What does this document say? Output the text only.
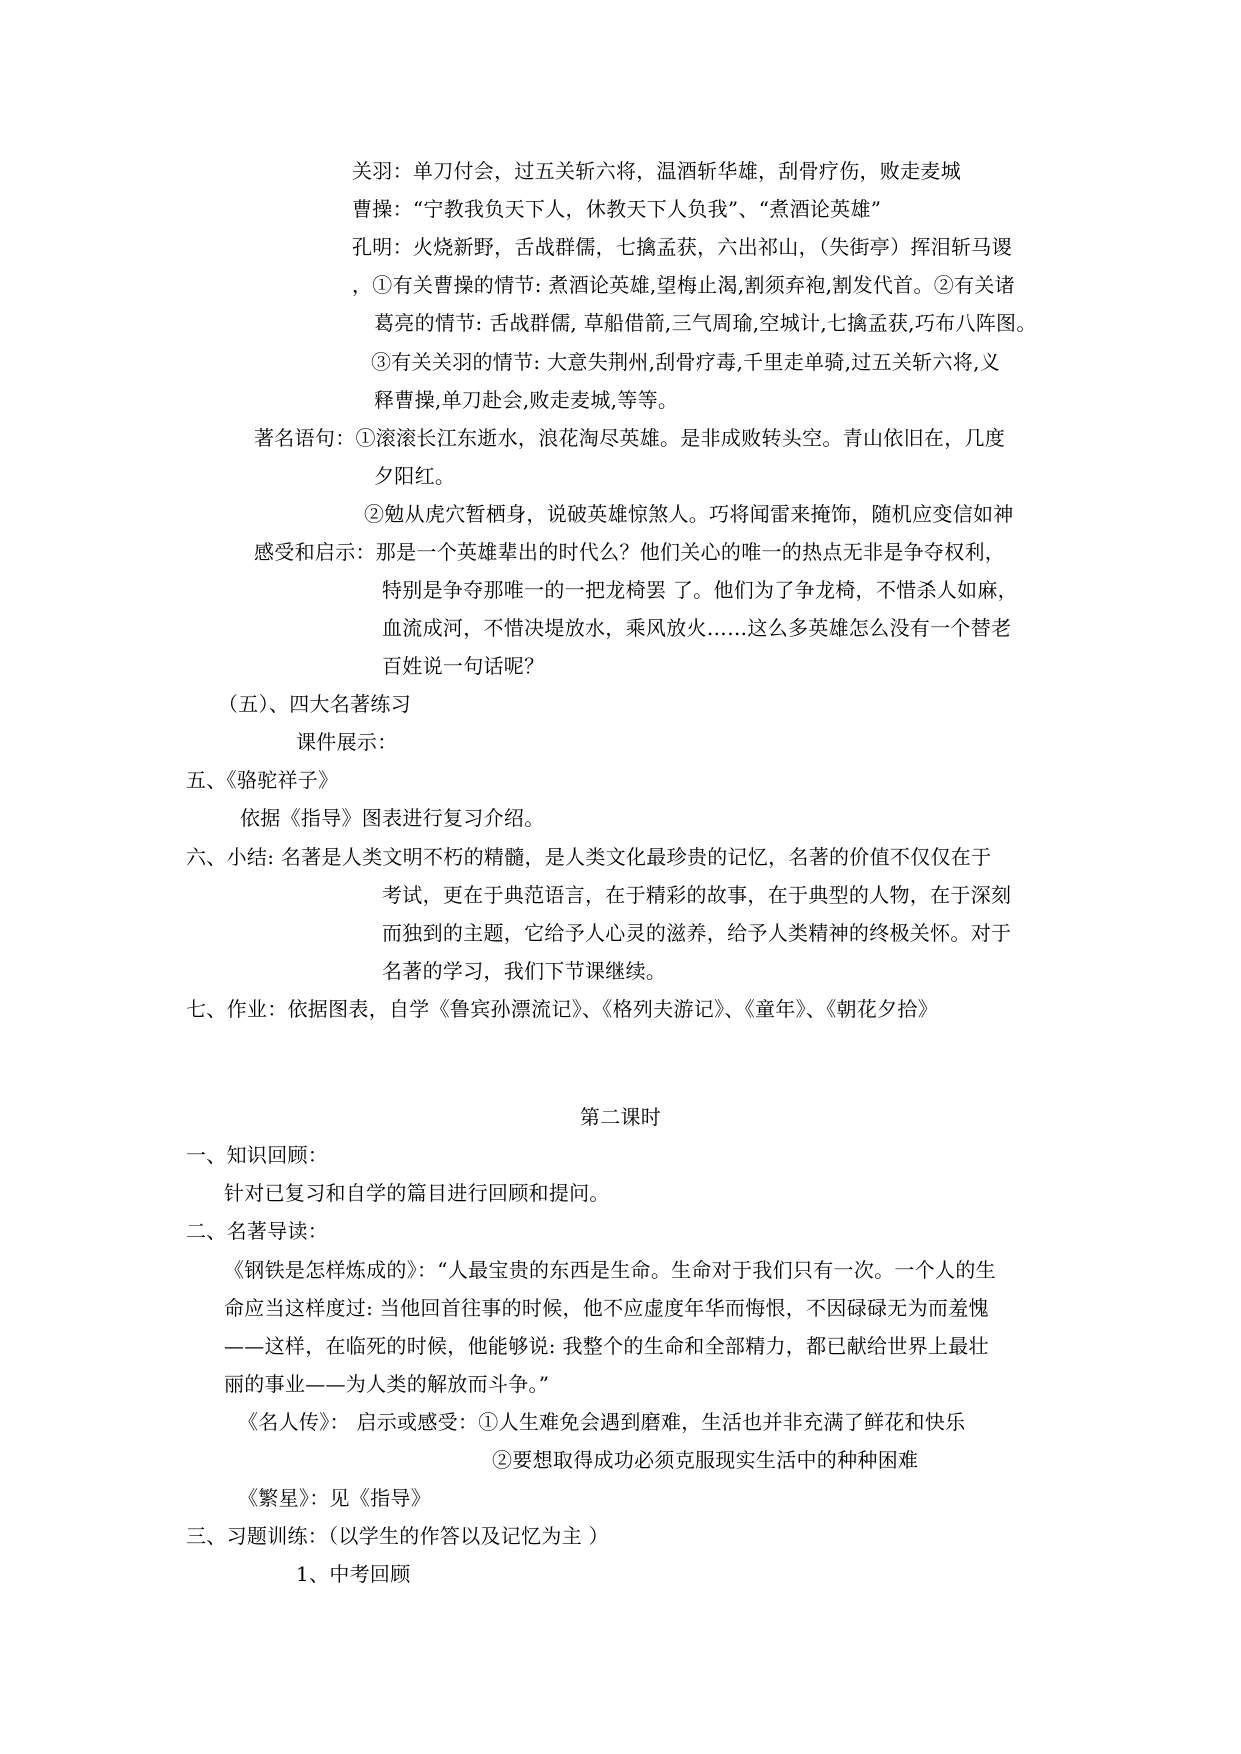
关羽：单刀付会，过五关斩六将，温酒斩华雄，刮骨疗伤，败走麦城
曹操：“宁教我负天下人，休教天下人负我”、“煮酒论英雄”
孔明：火烧新野，舌战群儒，七擒孟获，六出祁山，（失街亭）挥泪斩马谡
，①有关曹操的情节: 煮酒论英雄,望梅止渴,割须弃袍,割发代首。②有关诸
葛亮的情节: 舌战群儒, 草船借箭,三气周瑜,空城计,七擒孟获,巧布八阵图。
③有关关羽的情节: 大意失荆州,刮骨疗毒,千里走单骑,过五关斩六将,义
释曹操,单刀赴会,败走麦城,等等。
著名语句：①滚滚长江东逝水，浪花淘尽英雄。是非成败转头空。青山依旧在，几度
夕阳红。
②勉从虎穴暂栖身，说破英雄惊煞人。巧将闻雷来掩饰，随机应变信如神
感受和启示：那是一个英雄辈出的时代么？他们关心的唯一的热点无非是争夺权利，
特别是争夺那唯一的一把龙椅罢 了。他们为了争龙椅，不惜杀人如麻，
血流成河，不惜决堤放水，乘风放火……这么多英雄怎么没有一个替老
百姓说一句话呢？
（五）、四大名著练习
课件展示：
五、《骆驼祥子》
依据《指导》图表进行复习介绍。
六、小结: 名著是人类文明不朽的精髓，是人类文化最珍贵的记忆，名著的价值不仅仅在于
考试，更在于典范语言，在于精彩的故事，在于典型的人物，在于深刻
而独到的主题，它给予人心灵的滋养，给予人类精神的终极关怀。对于
名著的学习，我们下节课继续。
七、作业：依据图表，自学《鲁宾孙漂流记》、《格列夫游记》、《童年》、《朝花夕拾》
第二课时
一、知识回顾：
针对已复习和自学的篇目进行回顾和提问。
二、名著导读：
《钢铁是怎样炼成的》：“人最宝贵的东西是生命。生命对于我们只有一次。一个人的生
命应当这样度过: 当他回首往事的时候，他不应虚度年华而悔恨，不因碌碌无为而羞愧
——这样，在临死的时候，他能够说: 我整个的生命和全部精力，都已献给世界上最壮
丽的事业——为人类的解放而斗争。”
《名人传》： 启示或感受：①人生难免会遇到磨难，生活也并非充满了鲜花和快乐
②要想取得成功必须克服现实生活中的种种困难
《繁星》：见《指导》
三、习题训练：（以学生的作答以及记忆为主 ）
1、中考回顾
